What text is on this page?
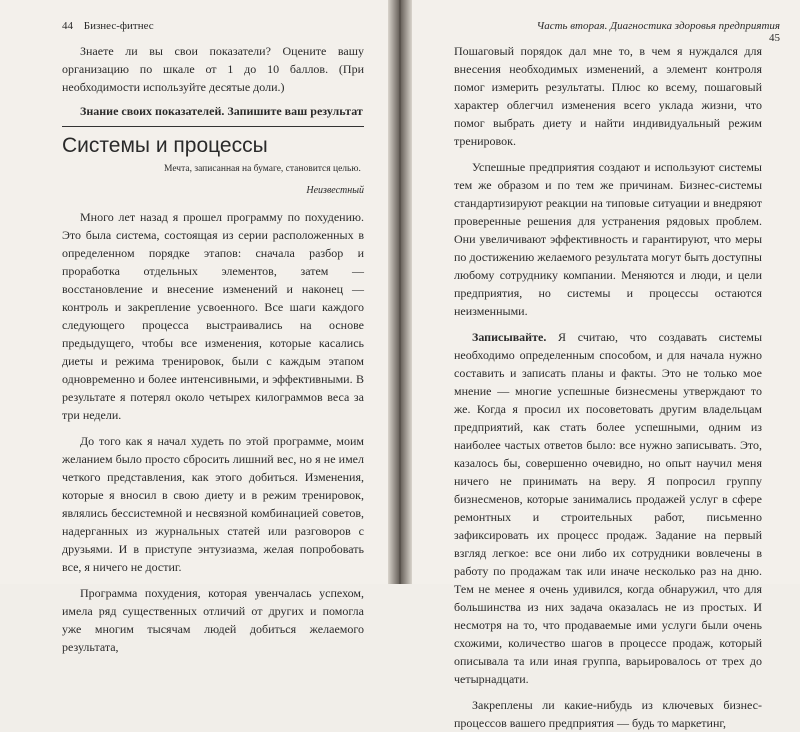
44 Бизнес-фитнес

Знаете ли вы свои показатели? Оцените вашу организацию по шкале от 1 до 10 баллов. (При необходимости используйте десятые доли.)

Знание своих показателей. Запишите ваш результат

Системы и процессы
Мечта, записанная на бумаге, становится целью.
Неизвестный

Много лет назад я прошел программу по похудению. Это была система, состоящая из серии расположенных в определенном порядке этапов: сначала разбор и проработка отдельных элементов, затем — восстановление и внесение изменений и наконец — контроль и закрепление усвоенного. Все шаги каждого следующего процесса выстраивались на основе предыдущего, чтобы все изменения, которые касались диеты и режима тренировок, были с каждым этапом одновременно и более интенсивными, и эффективными. В результате я потерял около четырех килограммов веса за три недели.

До того как я начал худеть по этой программе, моим желанием было просто сбросить лишний вес, но я не имел четкого представления, как этого добиться. Изменения, которые я вносил в свою диету и в режим тренировок, являлись бессистемной и несвязной комбинацией советов, надерганных из журнальных статей или разговоров с друзьями. И в приступе энтузиазма, желая попробовать все, я ничего не достиг.

Программа похудения, которая увенчалась успехом, имела ряд существенных отличий от других и помогла уже многим тысячам людей добиться желаемого результата,

Часть вторая. Диагностика здоровья предприятия 45

Пошаговый порядок дал мне то, в чем я нуждался для внесения необходимых изменений, а элемент контроля помог измерить результаты. Плюс ко всему, пошаговый характер облегчил изменения всего уклада жизни, что помог выбрать диету и найти индивидуальный режим тренировок.

Успешные предприятия создают и используют системы тем же образом и по тем же причинам. Бизнес-системы стандартизируют реакции на типовые ситуации и внедряют проверенные решения для устранения рядовых проблем. Они увеличивают эффективность и гарантируют, что меры по достижению желаемого результата могут быть доступны любому сотруднику компании. Меняются и люди, и цели предприятия, но системы и процессы остаются неизменными.

Записывайте. Я считаю, что создавать системы необходимо определенным способом, и для начала нужно составить и записать планы и факты. Это не только мое мнение — многие успешные бизнесмены утверждают то же. Когда я просил их посоветовать другим владельцам предприятий, как стать более успешными, одним из наиболее частых ответов было: все нужно записывать. Это, казалось бы, совершенно очевидно, но опыт научил меня ничего не принимать на веру. Я попросил группу бизнесменов, которые занимались продажей услуг в сфере ремонтных и строительных работ, письменно зафиксировать их процесс продаж. Задание на первый взгляд легкое: все они либо их сотрудники вовлечены в работу по продажам так или иначе несколько раз на дню. Тем не менее я очень удивился, когда обнаружил, что для большинства из них задача оказалась не из простых. И несмотря на то, что продаваемые ими услуги были очень схожими, количество шагов в процессе продаж, который описывала та или иная группа, варьировалось от трех до четырнадцати.

Закреплены ли какие-нибудь из ключевых бизнес-процессов вашего предприятия — будь то маркетинг,
